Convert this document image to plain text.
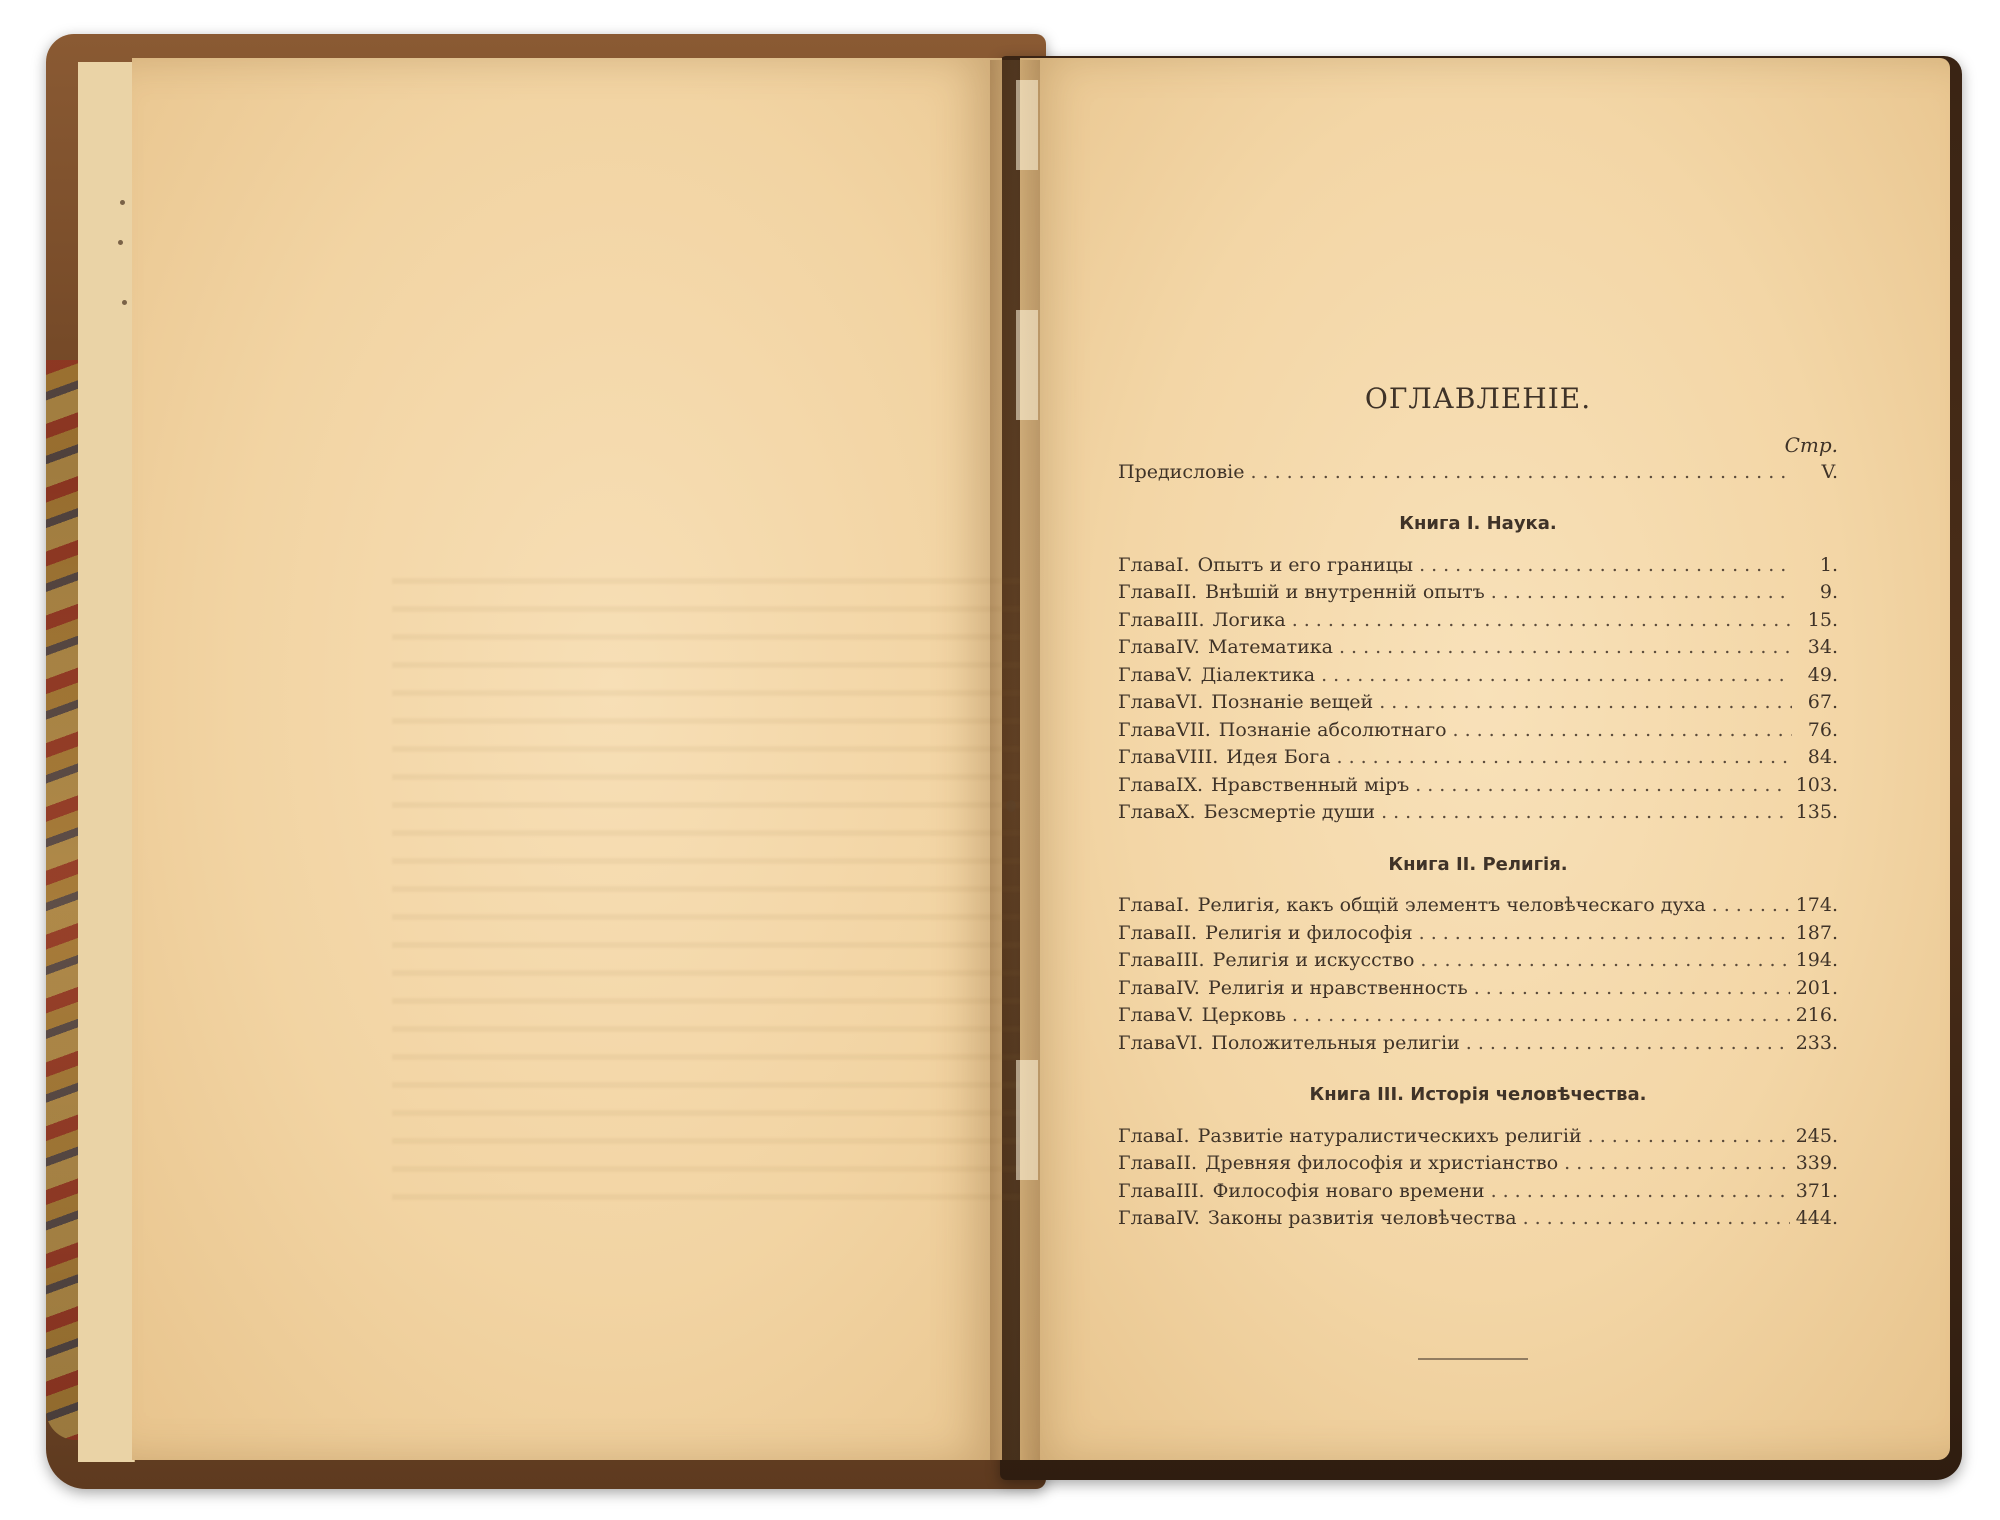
ОГЛАВЛЕНІЕ.
Стр.
Предисловіе .....	V.
Книга I. Наука.
Глава I. Опытъ и его границы .....	1.
Глава II. Внѣшій и внутренній опытъ .....	9.
Глава III. Логика .....	15.
Глава IV. Математика .....	34.
Глава V. Діалектика .....	49.
Глава VI. Познаніе вещей .....	67.
Глава VII. Познаніе абсолютнаго .....	76.
Глава VIII. Идея Бога .....	84.
Глава IX. Нравственный міръ .....	103.
Глава X. Безсмертіе души .....	135.
Книга II. Религія.
Глава I. Религія, какъ общій элементъ человѣческаго духа .....	174.
Глава II. Религія и философія .....	187.
Глава III. Религія и искусство .....	194.
Глава IV. Религія и нравственность .....	201.
Глава V. Церковь .....	216.
Глава VI. Положительныя религіи .....	233.
Книга III. Исторія человѣчества.
Глава I. Развитіе натуралистическихъ религій .....	245.
Глава II. Древняя философія и христіанство .....	339.
Глава III. Философія новаго времени .....	371.
Глава IV. Законы развитія человѣчества .....	444.
